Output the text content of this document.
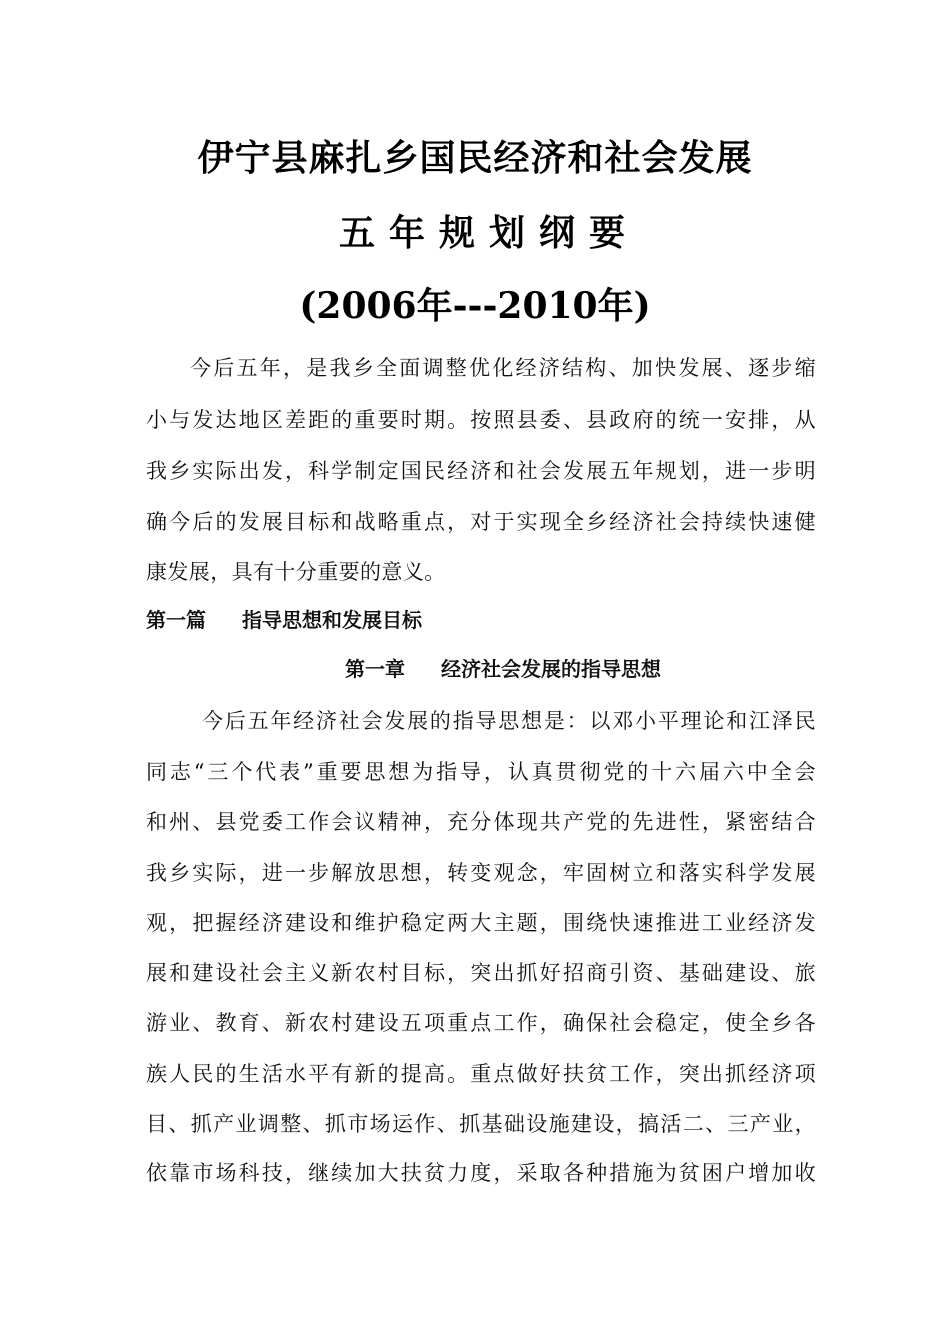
伊宁县麻扎乡国民经济和社会发展
五年规划纲要
(2006年---2010年)
今后五年，是我乡全面调整优化经济结构、加快发展、逐步缩
小与发达地区差距的重要时期。按照县委、县政府的统一安排，从
我乡实际出发，科学制定国民经济和社会发展五年规划，进一步明
确今后的发展目标和战略重点，对于实现全乡经济社会持续快速健
康发展，具有十分重要的意义。
第一篇 指导思想和发展目标
第一章 经济社会发展的指导思想
今后五年经济社会发展的指导思想是：以邓小平理论和江泽民
同志“三个代表”重要思想为指导，认真贯彻党的十六届六中全会
和州、县党委工作会议精神，充分体现共产党的先进性，紧密结合
我乡实际，进一步解放思想，转变观念，牢固树立和落实科学发展
观，把握经济建设和维护稳定两大主题，围绕快速推进工业经济发
展和建设社会主义新农村目标，突出抓好招商引资、基础建设、旅
游业、教育、新农村建设五项重点工作，确保社会稳定，使全乡各
族人民的生活水平有新的提高。重点做好扶贫工作，突出抓经济项
目、抓产业调整、抓市场运作、抓基础设施建设，搞活二、三产业，
依靠市场科技，继续加大扶贫力度，采取各种措施为贫困户增加收
